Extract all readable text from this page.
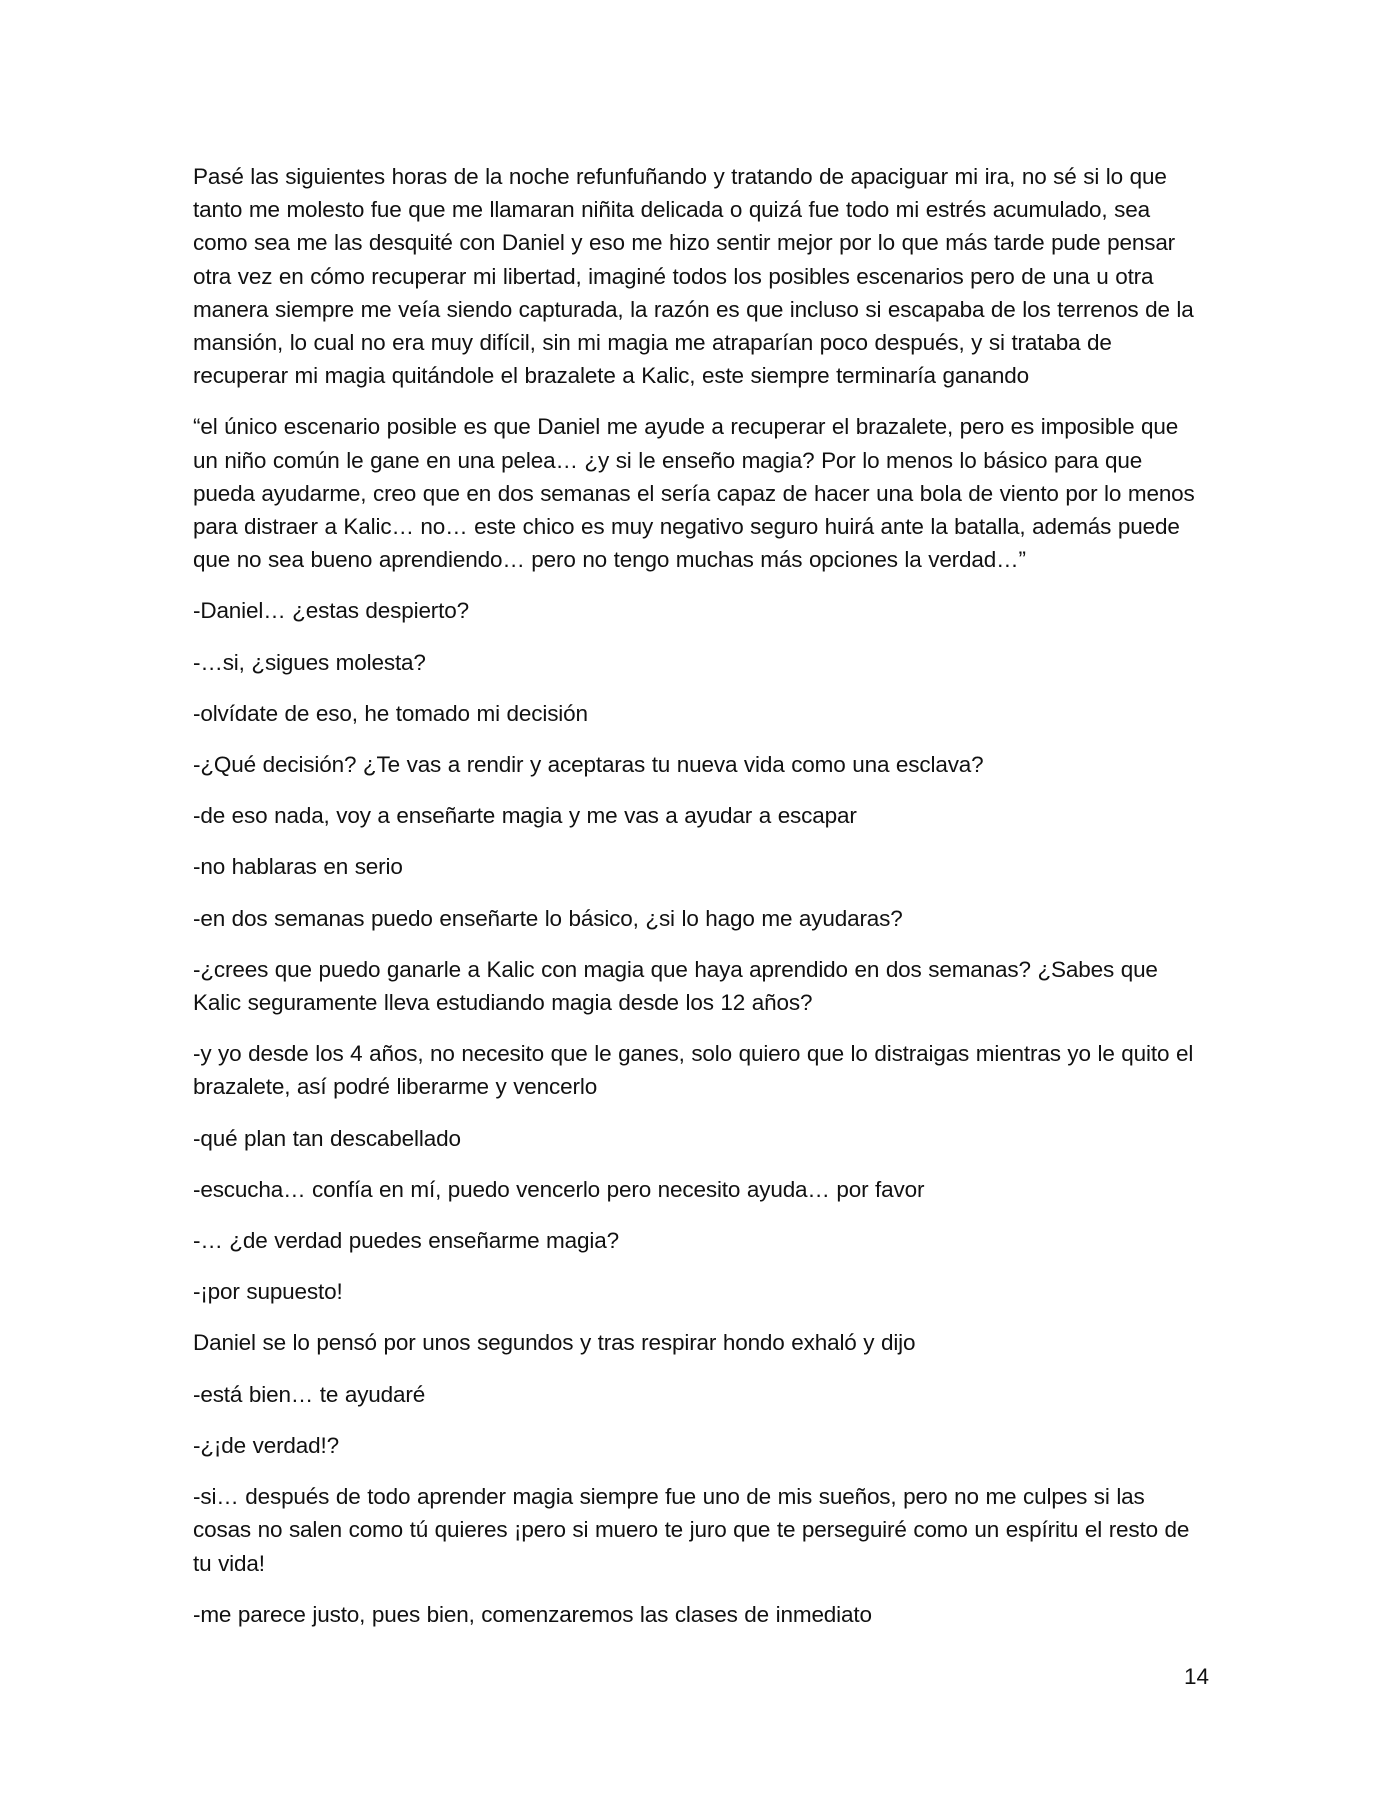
Pasé las siguientes horas de la noche refunfuñando y tratando de apaciguar mi ira, no sé si lo que tanto me molesto fue que me llamaran niñita delicada o quizá fue todo mi estrés acumulado, sea como sea me las desquité con Daniel y eso me hizo sentir mejor por lo que más tarde pude pensar otra vez en cómo recuperar mi libertad, imaginé todos los posibles escenarios pero de una u otra manera siempre me veía siendo capturada, la razón es que incluso si escapaba de los terrenos de la mansión, lo cual no era muy difícil, sin mi magia me atraparían poco después, y si trataba de recuperar mi magia quitándole el brazalete a Kalic, este siempre terminaría ganando

“el único escenario posible es que Daniel me ayude a recuperar el brazalete, pero es imposible que un niño común le gane en una pelea… ¿y si le enseño magia? Por lo menos lo básico para que pueda ayudarme, creo que en dos semanas el sería capaz de hacer una bola de viento por lo menos para distraer a Kalic… no… este chico es muy negativo seguro huirá ante la batalla, además puede que no sea bueno aprendiendo… pero no tengo muchas más opciones la verdad…”

-Daniel… ¿estas despierto?

-…si, ¿sigues molesta?

-olvídate de eso, he tomado mi decisión

-¿Qué decisión? ¿Te vas a rendir y aceptaras tu nueva vida como una esclava?

-de eso nada, voy a enseñarte magia y me vas a ayudar a escapar

-no hablaras en serio

-en dos semanas puedo enseñarte lo básico, ¿si lo hago me ayudaras?

-¿crees que puedo ganarle a Kalic con magia que haya aprendido en dos semanas? ¿Sabes que Kalic seguramente lleva estudiando magia desde los 12 años?

-y yo desde los 4 años, no necesito que le ganes, solo quiero que lo distraigas mientras yo le quito el brazalete, así podré liberarme y vencerlo

-qué plan tan descabellado

-escucha… confía en mí, puedo vencerlo pero necesito ayuda… por favor

-… ¿de verdad puedes enseñarme magia?

-¡por supuesto!

Daniel se lo pensó por unos segundos y tras respirar hondo exhaló y dijo

-está bien… te ayudaré

-¿¡de verdad!?

-si… después de todo aprender magia siempre fue uno de mis sueños, pero no me culpes si las cosas no salen como tú quieres ¡pero si muero te juro que te perseguiré como un espíritu el resto de tu vida!

-me parece justo, pues bien, comenzaremos las clases de inmediato

14
